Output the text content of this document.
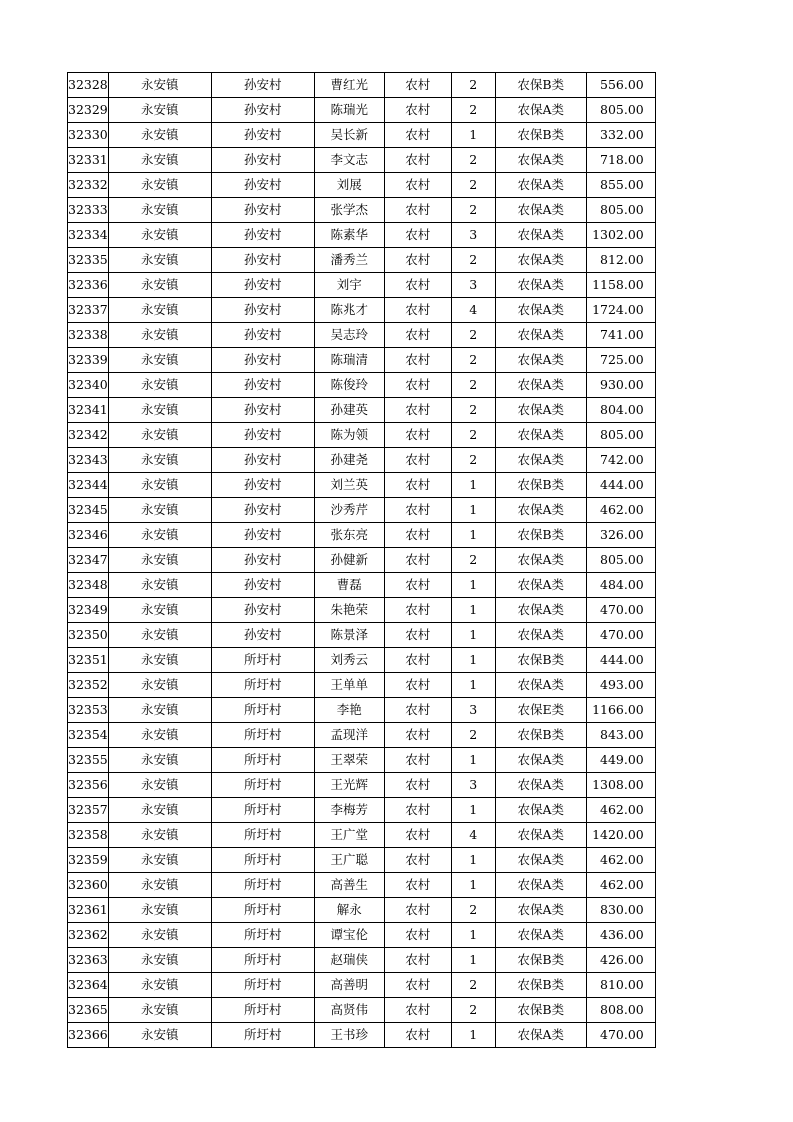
32328	永安镇	孙安村	曹红光	农村	2	农保B类	556.00
32329	永安镇	孙安村	陈瑞光	农村	2	农保A类	805.00
32330	永安镇	孙安村	吴长新	农村	1	农保B类	332.00
32331	永安镇	孙安村	李文志	农村	2	农保A类	718.00
32332	永安镇	孙安村	刘展	农村	2	农保A类	855.00
32333	永安镇	孙安村	张学杰	农村	2	农保A类	805.00
32334	永安镇	孙安村	陈素华	农村	3	农保A类	1302.00
32335	永安镇	孙安村	潘秀兰	农村	2	农保A类	812.00
32336	永安镇	孙安村	刘宇	农村	3	农保A类	1158.00
32337	永安镇	孙安村	陈兆才	农村	4	农保A类	1724.00
32338	永安镇	孙安村	吴志玲	农村	2	农保A类	741.00
32339	永安镇	孙安村	陈瑞清	农村	2	农保A类	725.00
32340	永安镇	孙安村	陈俊玲	农村	2	农保A类	930.00
32341	永安镇	孙安村	孙建英	农村	2	农保A类	804.00
32342	永安镇	孙安村	陈为领	农村	2	农保A类	805.00
32343	永安镇	孙安村	孙建尧	农村	2	农保A类	742.00
32344	永安镇	孙安村	刘兰英	农村	1	农保B类	444.00
32345	永安镇	孙安村	沙秀芹	农村	1	农保A类	462.00
32346	永安镇	孙安村	张东亮	农村	1	农保B类	326.00
32347	永安镇	孙安村	孙健新	农村	2	农保A类	805.00
32348	永安镇	孙安村	曹磊	农村	1	农保A类	484.00
32349	永安镇	孙安村	朱艳荣	农村	1	农保A类	470.00
32350	永安镇	孙安村	陈景泽	农村	1	农保A类	470.00
32351	永安镇	所圩村	刘秀云	农村	1	农保B类	444.00
32352	永安镇	所圩村	王单单	农村	1	农保A类	493.00
32353	永安镇	所圩村	李艳	农村	3	农保E类	1166.00
32354	永安镇	所圩村	孟现洋	农村	2	农保B类	843.00
32355	永安镇	所圩村	王翠荣	农村	1	农保A类	449.00
32356	永安镇	所圩村	王光辉	农村	3	农保A类	1308.00
32357	永安镇	所圩村	李梅芳	农村	1	农保A类	462.00
32358	永安镇	所圩村	王广堂	农村	4	农保A类	1420.00
32359	永安镇	所圩村	王广聪	农村	1	农保A类	462.00
32360	永安镇	所圩村	高善生	农村	1	农保A类	462.00
32361	永安镇	所圩村	解永	农村	2	农保A类	830.00
32362	永安镇	所圩村	谭宝伦	农村	1	农保A类	436.00
32363	永安镇	所圩村	赵瑞侠	农村	1	农保B类	426.00
32364	永安镇	所圩村	高善明	农村	2	农保B类	810.00
32365	永安镇	所圩村	高贤伟	农村	2	农保B类	808.00
32366	永安镇	所圩村	王书珍	农村	1	农保A类	470.00
